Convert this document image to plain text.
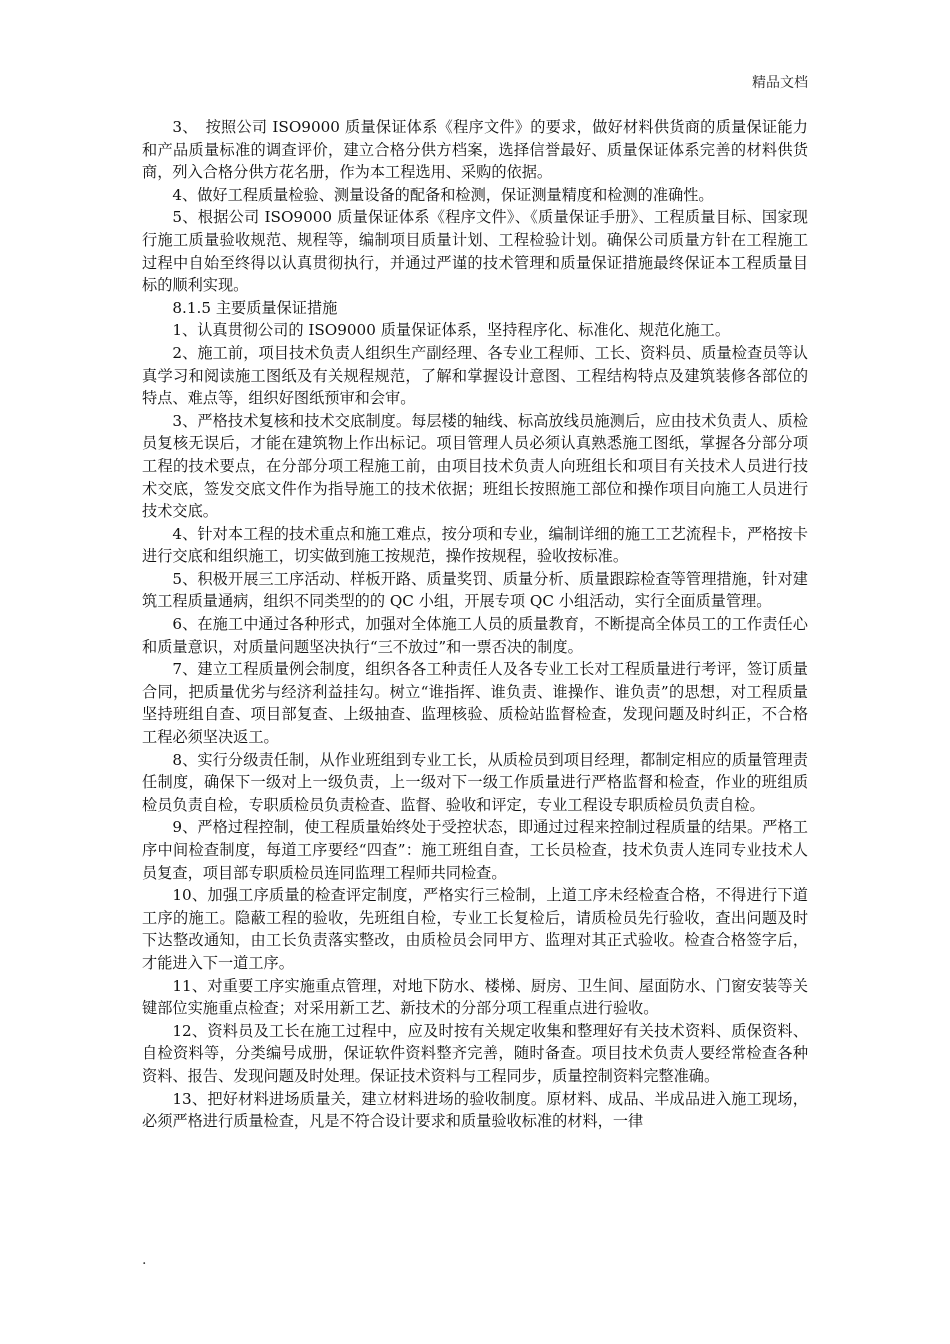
精品文档

3、　按照公司 ISO9000 质量保证体系《程序文件》的要求，做好材料供货商的质量保证能力和产品质量标准的调查评价，建立合格分供方档案，选择信誉最好、质量保证体系完善的材料供货商，列入合格分供方花名册，作为本工程选用、采购的依据。

4、做好工程质量检验、测量设备的配备和检测，保证测量精度和检测的准确性。

5、根据公司 ISO9000 质量保证体系《程序文件》、《质量保证手册》、工程质量目标、国家现行施工质量验收规范、规程等，编制项目质量计划、工程检验计划。确保公司质量方针在工程施工过程中自始至终得以认真贯彻执行，并通过严谨的技术管理和质量保证措施最终保证本工程质量目标的顺利实现。

8.1.5 主要质量保证措施

1、认真贯彻公司的 ISO9000 质量保证体系，坚持程序化、标准化、规范化施工。

2、施工前，项目技术负责人组织生产副经理、各专业工程师、工长、资料员、质量检查员等认真学习和阅读施工图纸及有关规程规范，了解和掌握设计意图、工程结构特点及建筑装修各部位的特点、难点等，组织好图纸预审和会审。

3、严格技术复核和技术交底制度。每层楼的轴线、标高放线员施测后，应由技术负责人、质检员复核无误后，才能在建筑物上作出标记。项目管理人员必须认真熟悉施工图纸，掌握各分部分项工程的技术要点，在分部分项工程施工前，由项目技术负责人向班组长和项目有关技术人员进行技术交底，签发交底文件作为指导施工的技术依据；班组长按照施工部位和操作项目向施工人员进行技术交底。

4、针对本工程的技术重点和施工难点，按分项和专业，编制详细的施工工艺流程卡，严格按卡进行交底和组织施工，切实做到施工按规范，操作按规程，验收按标准。

5、积极开展三工序活动、样板开路、质量奖罚、质量分析、质量跟踪检查等管理措施，针对建筑工程质量通病，组织不同类型的的 QC 小组，开展专项 QC 小组活动，实行全面质量管理。

6、在施工中通过各种形式，加强对全体施工人员的质量教育，不断提高全体员工的工作责任心和质量意识，对质量问题坚决执行“三不放过”和一票否决的制度。

7、建立工程质量例会制度，组织各各工种责任人及各专业工长对工程质量进行考评，签订质量合同，把质量优劣与经济利益挂勾。树立“谁指挥、谁负责、谁操作、谁负责”的思想，对工程质量坚持班组自查、项目部复查、上级抽查、监理核验、质检站监督检查，发现问题及时纠正，不合格工程必须坚决返工。

8、实行分级责任制，从作业班组到专业工长，从质检员到项目经理，都制定相应的质量管理责任制度，确保下一级对上一级负责，上一级对下一级工作质量进行严格监督和检查，作业的班组质检员负责自检，专职质检员负责检查、监督、验收和评定，专业工程设专职质检员负责自检。

9、严格过程控制，使工程质量始终处于受控状态，即通过过程来控制过程质量的结果。严格工序中间检查制度，每道工序要经“四查”：施工班组自查，工长员检查，技术负责人连同专业技术人员复查，项目部专职质检员连同监理工程师共同检查。

10、加强工序质量的检查评定制度，严格实行三检制，上道工序未经检查合格，不得进行下道工序的施工。隐蔽工程的验收，先班组自检，专业工长复检后，请质检员先行验收，查出问题及时下达整改通知，由工长负责落实整改，由质检员会同甲方、监理对其正式验收。检查合格签字后，才能进入下一道工序。

11、对重要工序实施重点管理，对地下防水、楼梯、厨房、卫生间、屋面防水、门窗安装等关键部位实施重点检查；对采用新工艺、新技术的分部分项工程重点进行验收。

12、资料员及工长在施工过程中，应及时按有关规定收集和整理好有关技术资料、质保资料、自检资料等，分类编号成册，保证软件资料整齐完善，随时备查。项目技术负责人要经常检查各种资料、报告、发现问题及时处理。保证技术资料与工程同步，质量控制资料完整准确。

13、把好材料进场质量关，建立材料进场的验收制度。原材料、成品、半成品进入施工现场，必须严格进行质量检查，凡是不符合设计要求和质量验收标准的材料，一律

.
